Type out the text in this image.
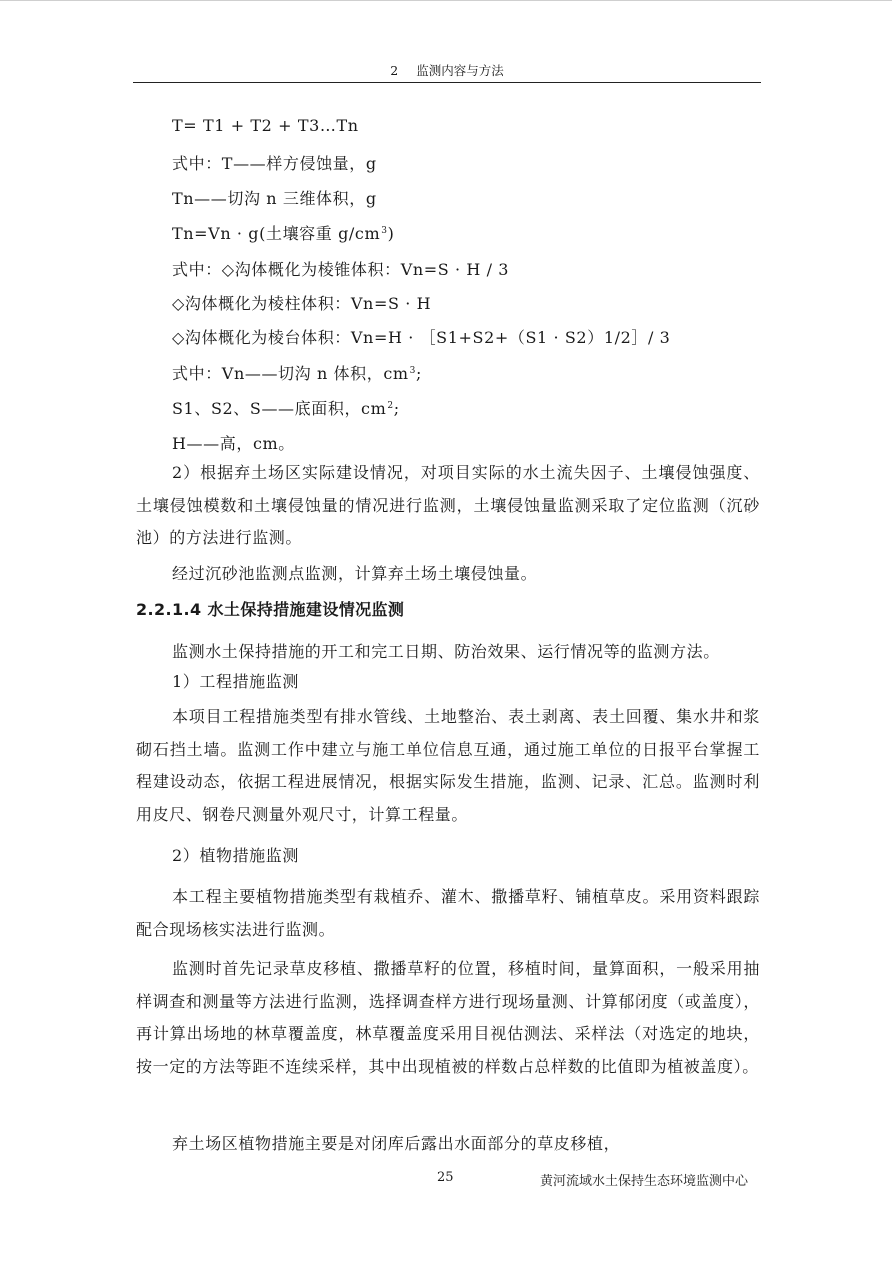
2 监测内容与方法
T= T1 + T2 + T3…Tn
式中：T——样方侵蚀量，g
Tn——切沟 n 三维体积，g
Tn=Vn · g(土壤容重 $g/cm^3$)
式中：◇沟体概化为棱锥体积：Vn=S · H / 3
◇沟体概化为棱柱体积：Vn=S · H
◇沟体概化为棱台体积：Vn=H · ［S1+S2+（S1 · S2）1/2］/ 3
式中：Vn——切沟 n 体积，$cm^3$;
S1、S2、S——底面积，$cm^2$;
H——高，cm。
2）根据弃土场区实际建设情况，对项目实际的水土流失因子、土壤侵蚀强度、土壤侵蚀模数和土壤侵蚀量的情况进行监测，土壤侵蚀量监测采取了定位监测（沉砂池）的方法进行监测。
经过沉砂池监测点监测，计算弃土场土壤侵蚀量。
2.2.1.4 水土保持措施建设情况监测
监测水土保持措施的开工和完工日期、防治效果、运行情况等的监测方法。
1）工程措施监测
本项目工程措施类型有排水管线、土地整治、表土剥离、表土回覆、集水井和浆砌石挡土墙。监测工作中建立与施工单位信息互通，通过施工单位的日报平台掌握工程建设动态，依据工程进展情况，根据实际发生措施，监测、记录、汇总。监测时利用皮尺、钢卷尺测量外观尺寸，计算工程量。
2）植物措施监测
本工程主要植物措施类型有栽植乔、灌木、撒播草籽、铺植草皮。采用资料跟踪配合现场核实法进行监测。
监测时首先记录草皮移植、撒播草籽的位置，移植时间，量算面积，一般采用抽样调查和测量等方法进行监测，选择调查样方进行现场量测、计算郁闭度（或盖度），再计算出场地的林草覆盖度，林草覆盖度采用目视估测法、采样法（对选定的地块，按一定的方法等距不连续采样，其中出现植被的样数占总样数的比值即为植被盖度）。
弃土场区植物措施主要是对闭库后露出水面部分的草皮移植，
25	黄河流域水土保持生态环境监测中心
